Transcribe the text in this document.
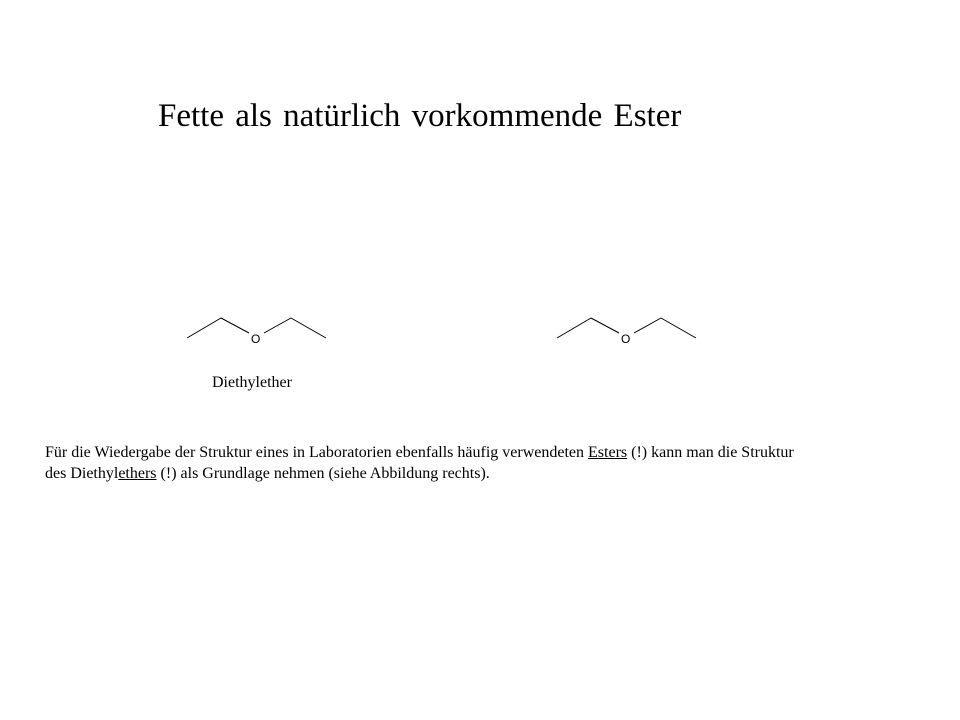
Fette als natürlich vorkommende Ester
O	O
Diethylether
Für die Wiedergabe der Struktur eines in Laboratorien ebenfalls häufig verwendeten Esters (!) kann man die Struktur
des Diethylethers (!) als Grundlage nehmen (siehe Abbildung rechts).
